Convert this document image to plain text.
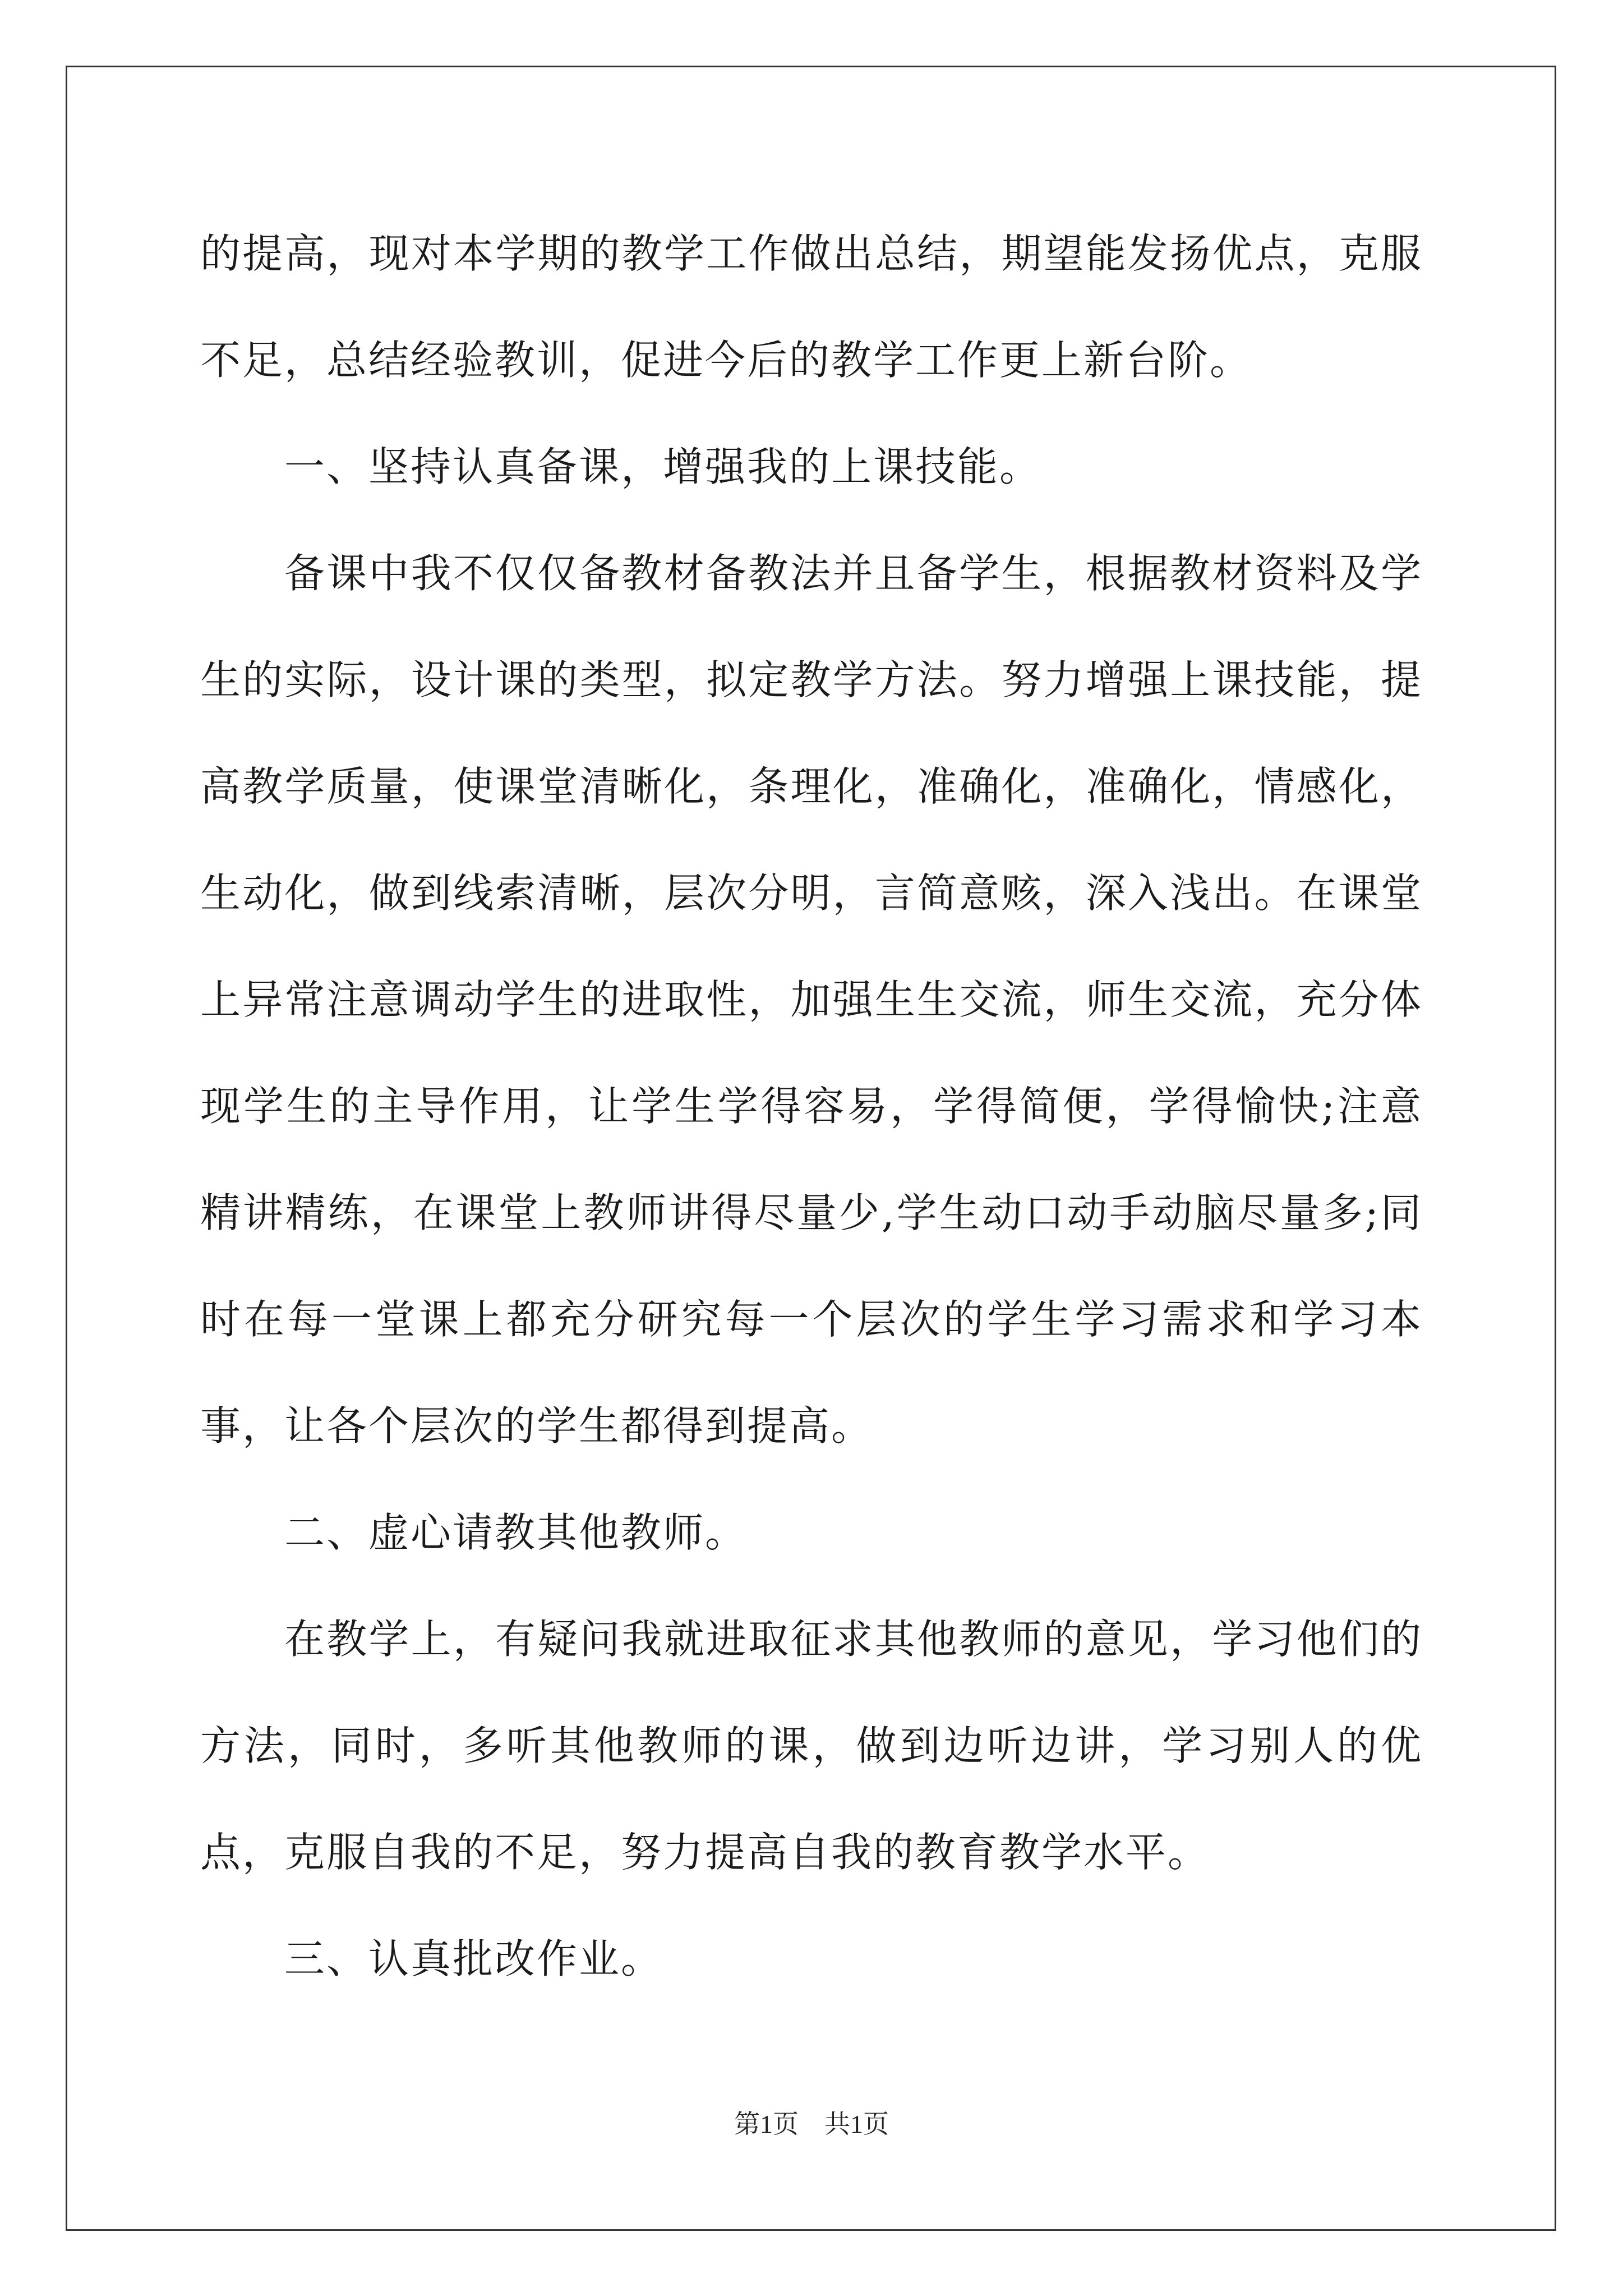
的提高，现对本学期的教学工作做出总结，期望能发扬优点，克服不足，总结经验教训，促进今后的教学工作更上新台阶。

一、坚持认真备课，增强我的上课技能。

备课中我不仅仅备教材备教法并且备学生，根据教材资料及学生的实际，设计课的类型，拟定教学方法。努力增强上课技能，提高教学质量，使课堂清晰化，条理化，准确化，准确化，情感化，生动化，做到线索清晰，层次分明，言简意赅，深入浅出。在课堂上异常注意调动学生的进取性，加强生生交流，师生交流，充分体现学生的主导作用，让学生学得容易，学得简便，学得愉快;注意精讲精练，在课堂上教师讲得尽量少,学生动口动手动脑尽量多;同时在每一堂课上都充分研究每一个层次的学生学习需求和学习本事，让各个层次的学生都得到提高。

二、虚心请教其他教师。

在教学上，有疑问我就进取征求其他教师的意见，学习他们的方法，同时，多听其他教师的课，做到边听边讲，学习别人的优点，克服自我的不足，努力提高自我的教育教学水平。

三、认真批改作业。

第1页　共1页
